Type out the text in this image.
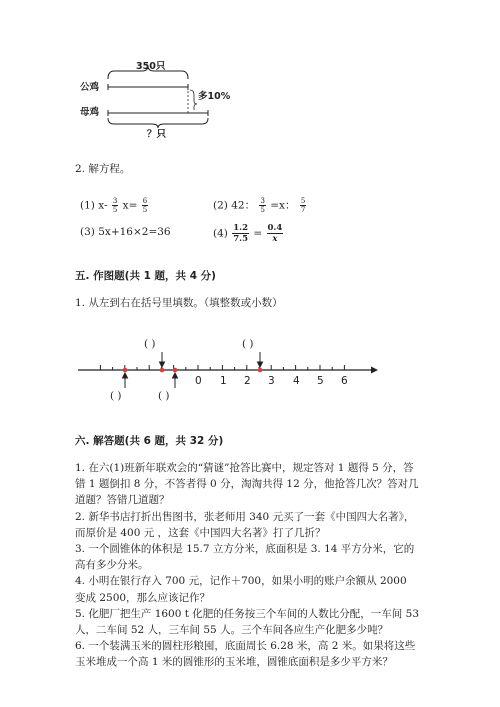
350只
公鸡
母鸡
多10%
？只
2. 解方程。
(1) $x- \frac{3}{5} x= \frac{6}{5}$	(2) 42： $\frac{3}{5} =x$： $\frac{5}{7}$
(3) 5x+16×2=36	$(4) \frac{1.2}{7.5} = \frac{0.4}{x}$
五. 作图题(共 1 题，共 4 分)
1. 从左到右在括号里填数。（填整数或小数）
0 1 2 3 4 5 6
( )	( )
( )	( )
六. 解答题(共 6 题，共 32 分)

1. 在六(1)班新年联欢会的“猜谜”抢答比赛中，规定答对 1 题得 5 分，答错 1 题倒扣 8 分，不答者得 0 分，淘淘共得 12 分，他抢答几次？答对几道题？答错几道题？

2. 新华书店打折出售图书，张老师用 340 元买了一套《中国四大名著》，而原价是 400 元 ，这套《中国四大名著》打了几折？

3. 一个圆锥体的体积是 15.7 立方分米，底面积是 3. 14 平方分米，它的高有多少分米。

4. 小明在银行存入 700 元，记作＋700，如果小明的账户余额从 2000 变成 2500，那么应该记作？

5. 化肥厂把生产 1600 t 化肥的任务按三个车间的人数比分配，一车间 53 人，二车间 52 人，三车间 55 人。三个车间各应生产化肥多少吨？

6. 一个装满玉米的圆柱形粮囤，底面周长 6.28 米，高 2 米。如果将这些玉米堆成一个高 1 米的圆锥形的玉米堆，圆锥底面积是多少平方米？
